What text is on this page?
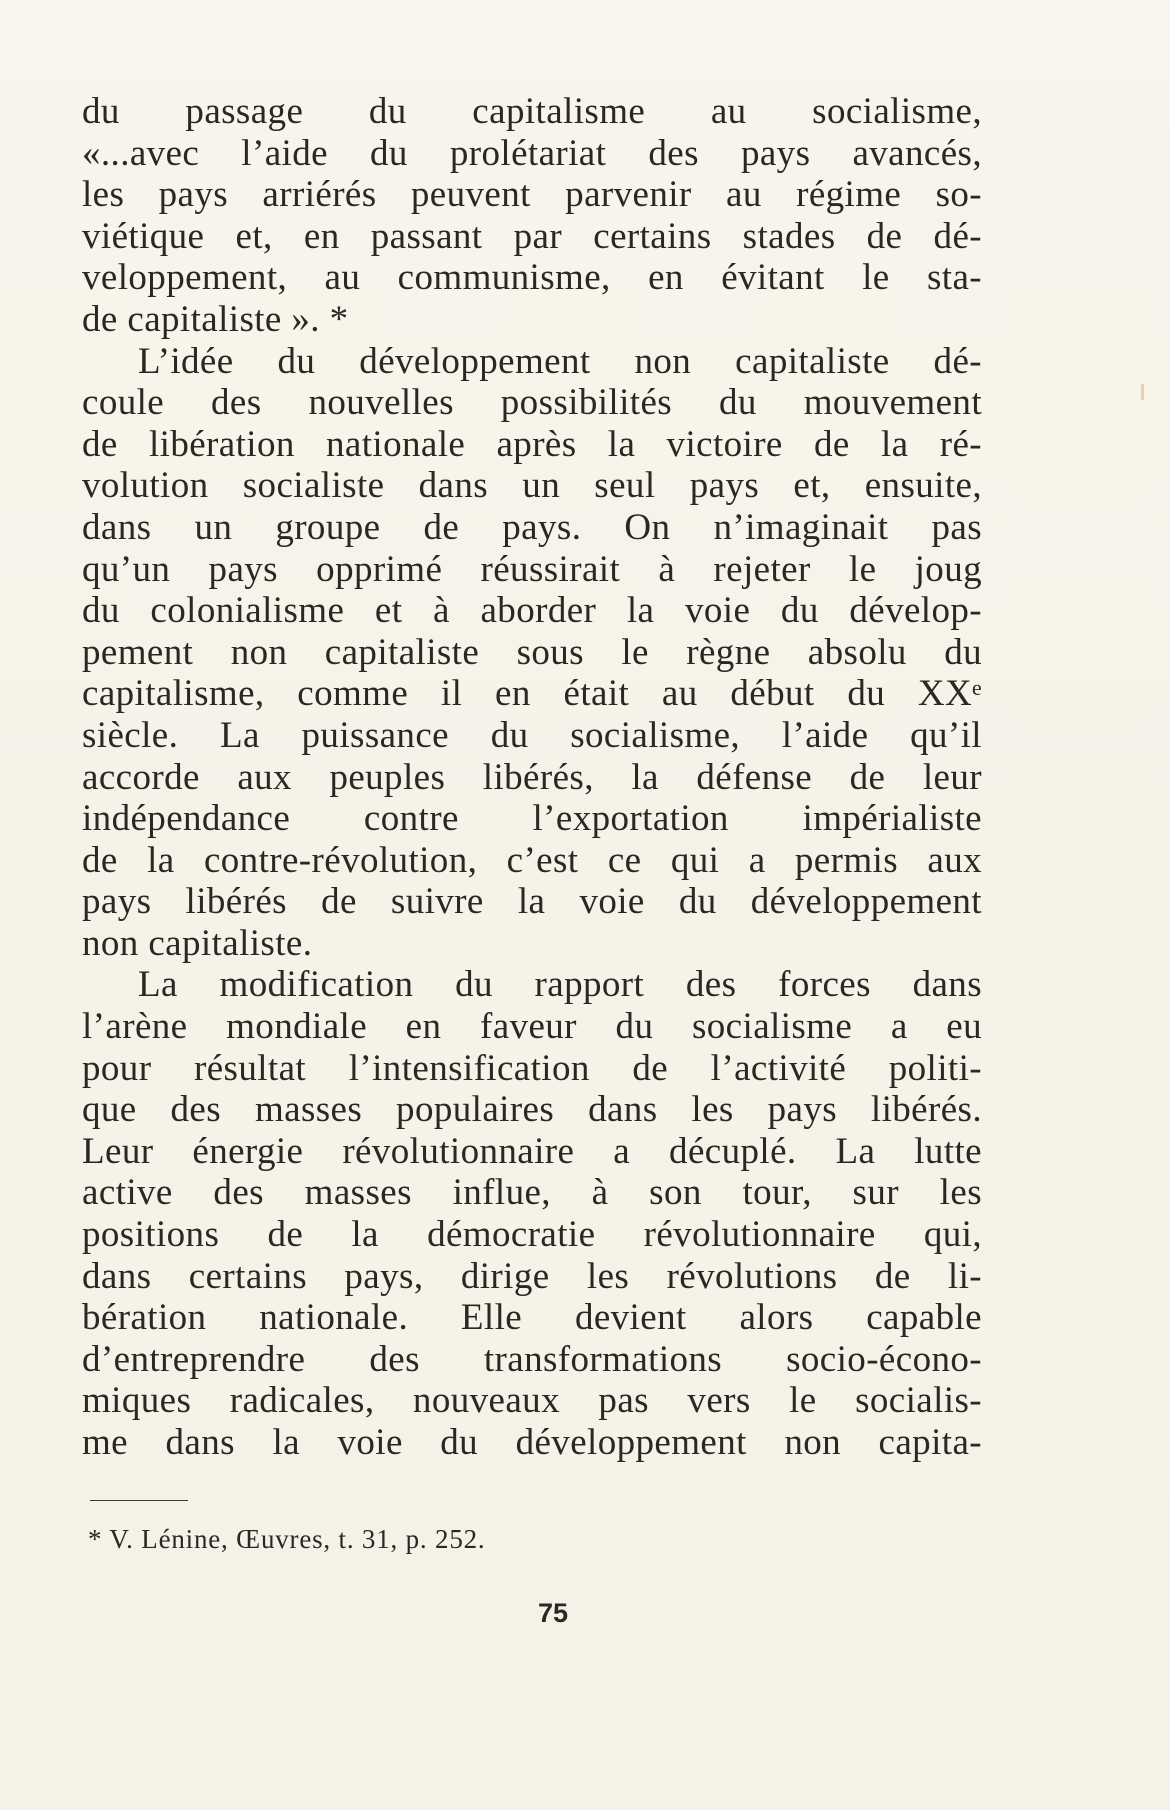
du passage du capitalisme au socialisme,
«...avec l’aide du prolétariat des pays avancés,
les pays arriérés peuvent parvenir au régime so-
viétique et, en passant par certains stades de dé-
veloppement, au communisme, en évitant le sta-
de capitaliste ». *

L’idée du développement non capitaliste dé-
coule des nouvelles possibilités du mouvement
de libération nationale après la victoire de la ré-
volution socialiste dans un seul pays et, ensuite,
dans un groupe de pays. On n’imaginait pas
qu’un pays opprimé réussirait à rejeter le joug
du colonialisme et à aborder la voie du dévelop-
pement non capitaliste sous le règne absolu du
capitalisme, comme il en était au début du XXᵉ
siècle. La puissance du socialisme, l’aide qu’il
accorde aux peuples libérés, la défense de leur
indépendance contre l’exportation impérialiste
de la contre-révolution, c’est ce qui a permis aux
pays libérés de suivre la voie du développement
non capitaliste.

La modification du rapport des forces dans
l’arène mondiale en faveur du socialisme a eu
pour résultat l’intensification de l’activité politi-
que des masses populaires dans les pays libérés.
Leur énergie révolutionnaire a décuplé. La lutte
active des masses influe, à son tour, sur les
positions de la démocratie révolutionnaire qui,
dans certains pays, dirige les révolutions de li-
bération nationale. Elle devient alors capable
d’entreprendre des transformations socio-écono-
miques radicales, nouveaux pas vers le socialis-
me dans la voie du développement non capita-

* V. Lénine, Œuvres, t. 31, p. 252.
75
